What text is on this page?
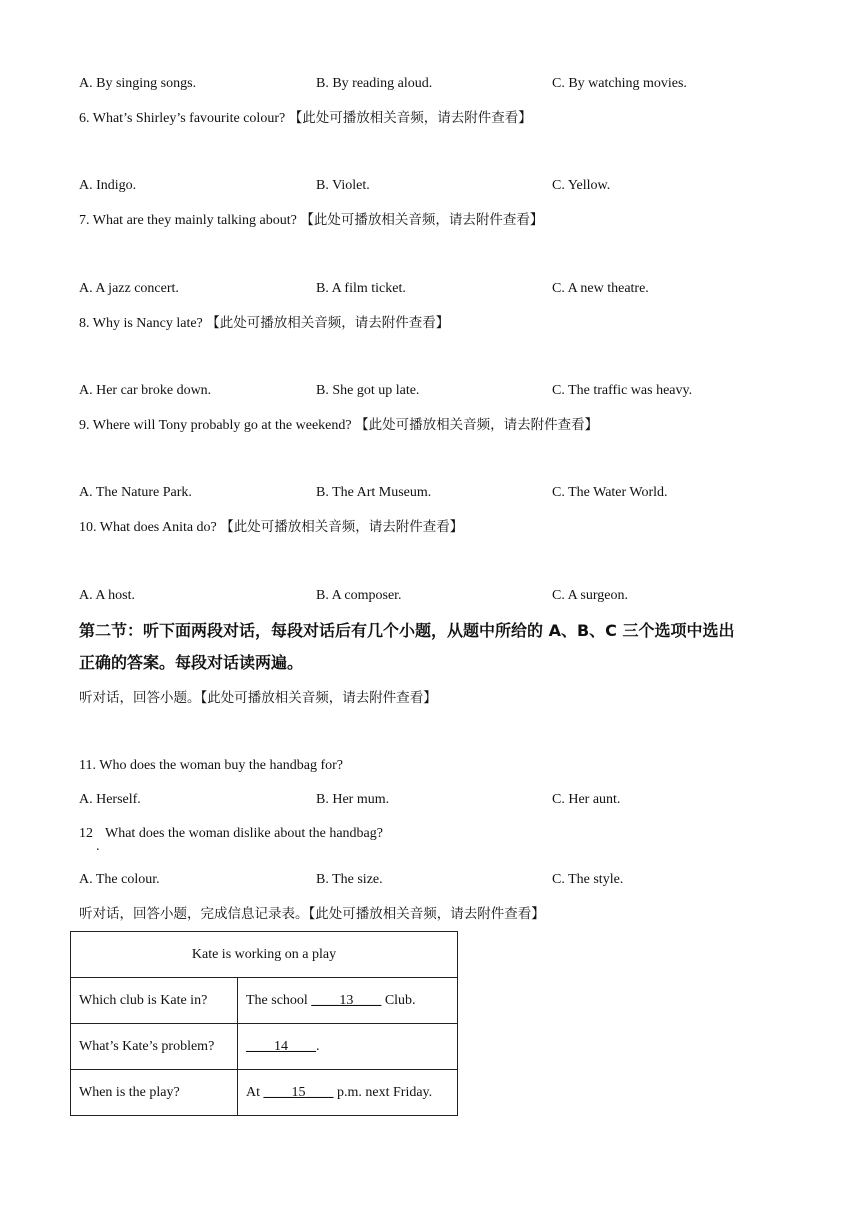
A. By singing songs.	B. By reading aloud.	C. By watching movies.
6. What’s Shirley’s favourite colour? 【此处可播放相关音频，请去附件查看】
A. Indigo.	B. Violet.	C. Yellow.
7. What are they mainly talking about? 【此处可播放相关音频，请去附件查看】
A. A jazz concert.	B. A film ticket.	C. A new theatre.
8. Why is Nancy late? 【此处可播放相关音频，请去附件查看】
A. Her car broke down.	B. She got up late.	C. The traffic was heavy.
9. Where will Tony probably go at the weekend? 【此处可播放相关音频，请去附件查看】
A. The Nature Park.	B. The Art Museum.	C. The Water World.
10. What does Anita do? 【此处可播放相关音频，请去附件查看】
A. A host.	B. A composer.	C. A surgeon.
第二节：听下面两段对话，每段对话后有几个小题，从题中所给的 A、B、C 三个选项中选出
正确的答案。每段对话读两遍。
听对话，回答小题。【此处可播放相关音频，请去附件查看】
11. Who does the woman buy the handbag for?
A. Herself.	B. Her mum.	C. Her aunt.
12
.
What does the woman dislike about the handbag?
A. The colour.	B. The size.	C. The style.
听对话，回答小题，完成信息记录表。【此处可播放相关音频，请去附件查看】
Kate is working on a play	
Which club is Kate in?	The school ____13____ Club.
What’s Kate’s problem?	____14____.
When is the play?	At ____15____ p.m. next Friday.
